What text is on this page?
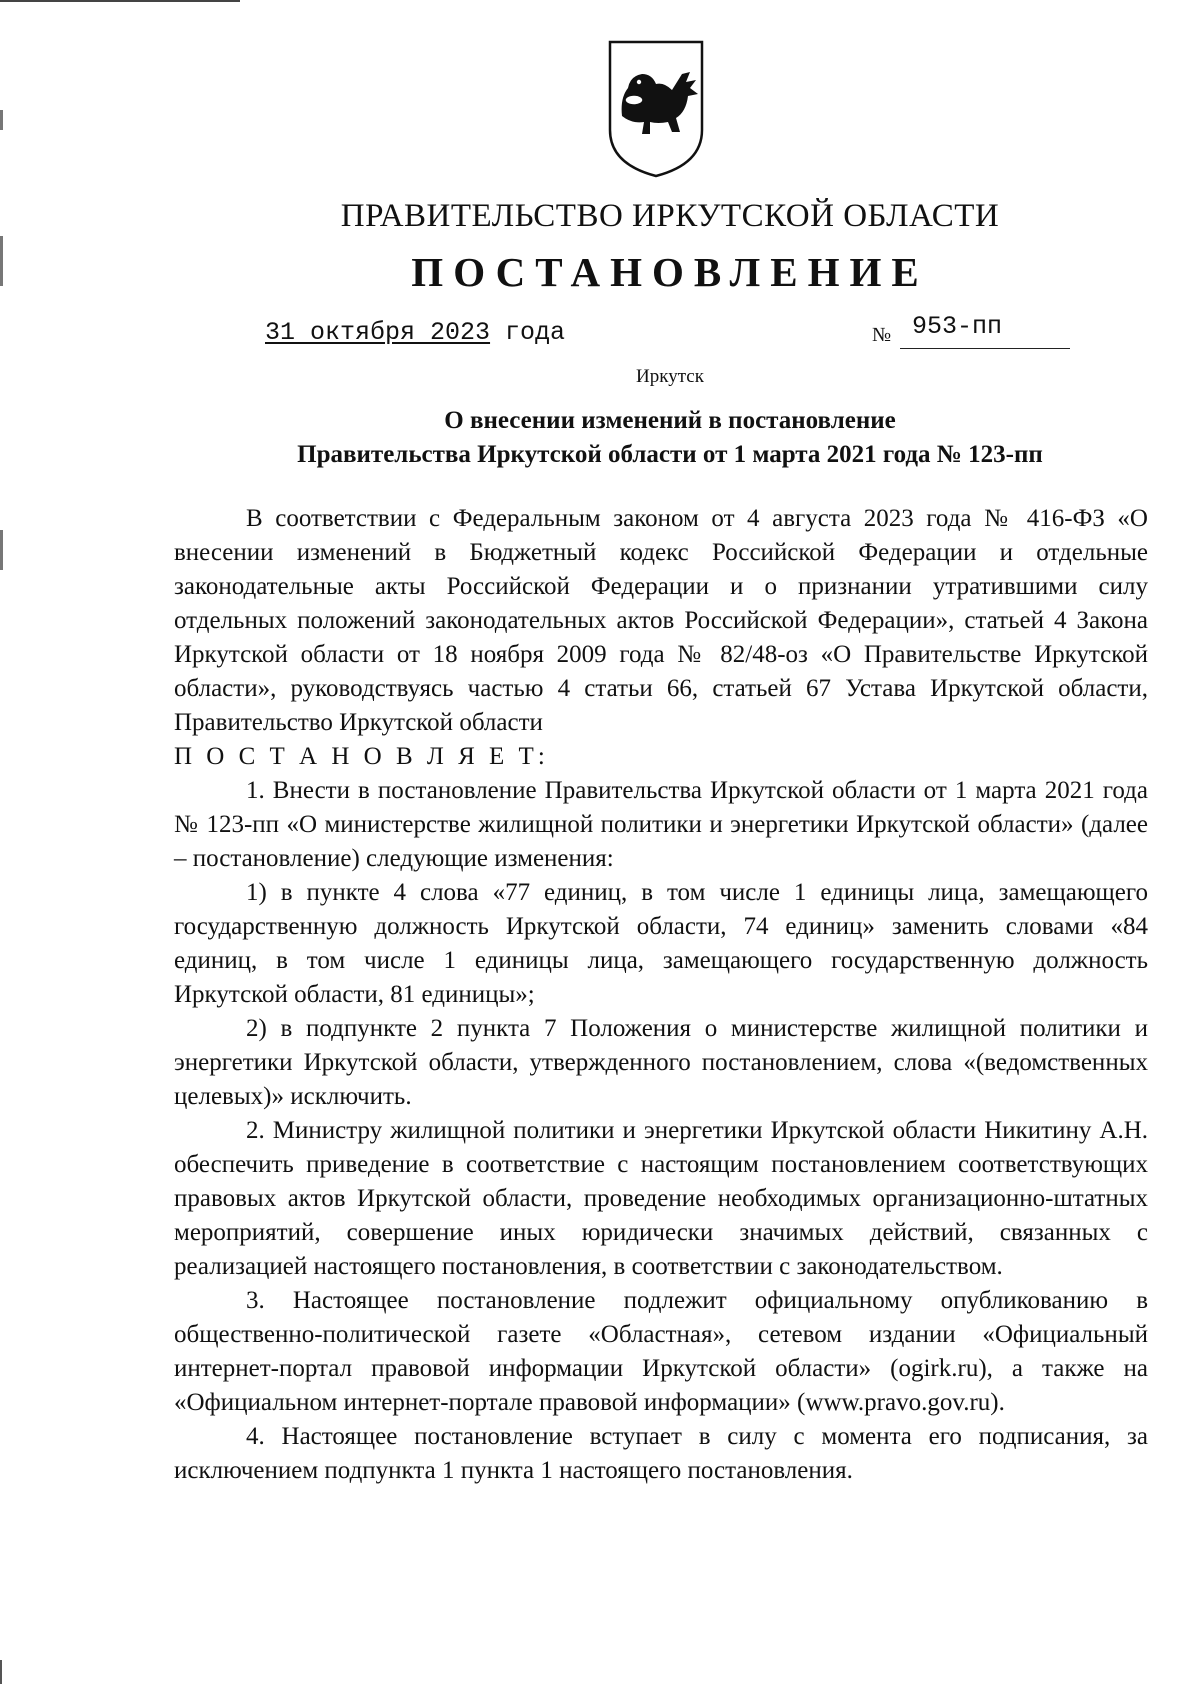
ПРАВИТЕЛЬСТВО ИРКУТСКОЙ ОБЛАСТИ
ПОСТАНОВЛЕНИЕ
31 октября 2023 года	№ 953-пп
Иркутск
О внесении изменений в постановление
Правительства Иркутской области от 1 марта 2021 года № 123-пп

В соответствии с Федеральным законом от 4 августа 2023 года № 416-ФЗ «О внесении изменений в Бюджетный кодекс Российской Федерации и отдельные законодательные акты Российской Федерации и о признании утратившими силу отдельных положений законодательных актов Российской Федерации», статьей 4 Закона Иркутской области от 18 ноября 2009 года № 82/48-оз «О Правительстве Иркутской области», руководствуясь частью 4 статьи 66, статьей 67 Устава Иркутской области, Правительство Иркутской области

П О С Т А Н О В Л Я Е Т:

1. Внести в постановление Правительства Иркутской области от 1 марта 2021 года № 123-пп «О министерстве жилищной политики и энергетики Иркутской области» (далее – постановление) следующие изменения:

1) в пункте 4 слова «77 единиц, в том числе 1 единицы лица, замещающего государственную должность Иркутской области, 74 единиц» заменить словами «84 единиц, в том числе 1 единицы лица, замещающего государственную должность Иркутской области, 81 единицы»;

2) в подпункте 2 пункта 7 Положения о министерстве жилищной политики и энергетики Иркутской области, утвержденного постановлением, слова «(ведомственных целевых)» исключить.

2. Министру жилищной политики и энергетики Иркутской области Никитину А.Н. обеспечить приведение в соответствие с настоящим постановлением соответствующих правовых актов Иркутской области, проведение необходимых организационно-штатных мероприятий, совершение иных юридически значимых действий, связанных с реализацией настоящего постановления, в соответствии с законодательством.

3. Настоящее постановление подлежит официальному опубликованию в общественно-политической газете «Областная», сетевом издании «Официальный интернет-портал правовой информации Иркутской области» (ogirk.ru), а также на «Официальном интернет-портале правовой информации» (www.pravo.gov.ru).

4. Настоящее постановление вступает в силу с момента его подписания, за исключением подпункта 1 пункта 1 настоящего постановления.
